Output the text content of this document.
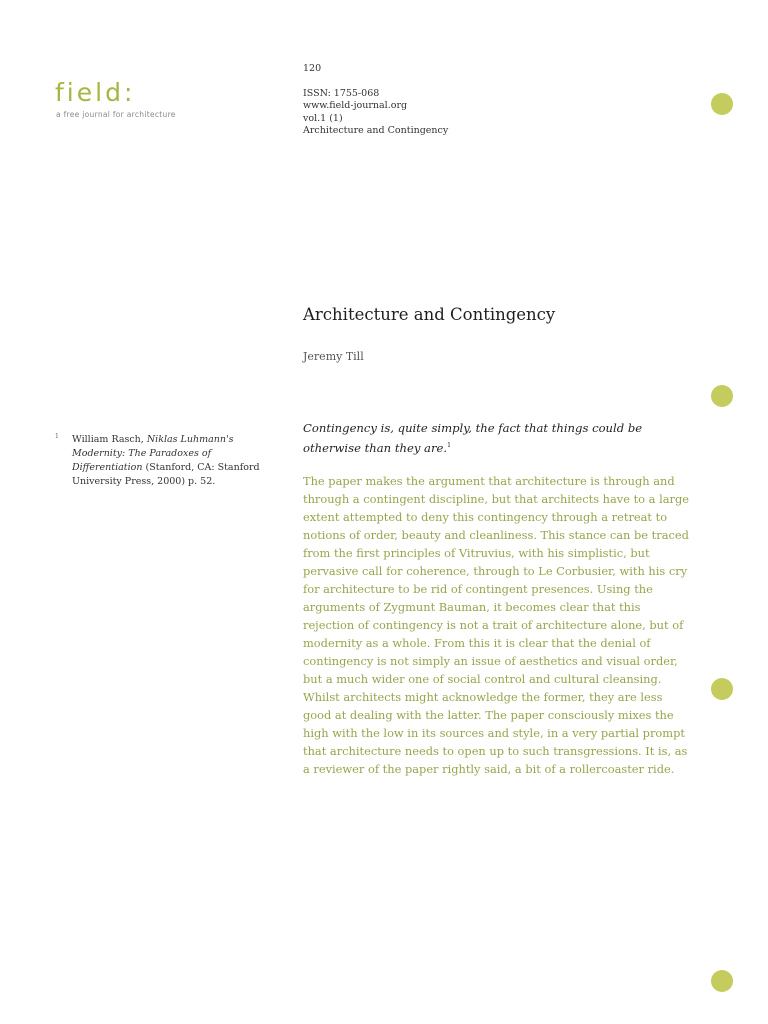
field:
a free journal for architecture
120
ISSN: 1755-068
www.field-journal.org
vol.1 (1)
Architecture and Contingency
Architecture and Contingency
Jeremy Till
Contingency is, quite simply, the fact that things could be otherwise than they are.$^1$
The paper makes the argument that architecture is through and through a contingent discipline, but that architects have to a large extent attempted to deny this contingency through a retreat to notions of order, beauty and cleanliness. This stance can be traced from the first principles of Vitruvius, with his simplistic, but pervasive call for coherence, through to Le Corbusier, with his cry for architecture to be rid of contingent presences. Using the arguments of Zygmunt Bauman, it becomes clear that this rejection of contingency is not a trait of architecture alone, but of modernity as a whole. From this it is clear that the denial of contingency is not simply an issue of aesthetics and visual order, but a much wider one of social control and cultural cleansing. Whilst architects might acknowledge the former, they are less good at dealing with the latter. The paper consciously mixes the high with the low in its sources and style, in a very partial prompt that architecture needs to open up to such transgressions. It is, as a reviewer of the paper rightly said, a bit of a rollercoaster ride.
1 William Rasch, Niklas Luhmann's Modernity: The Paradoxes of Differentiation (Stanford, CA: Stanford University Press, 2000) p. 52.
